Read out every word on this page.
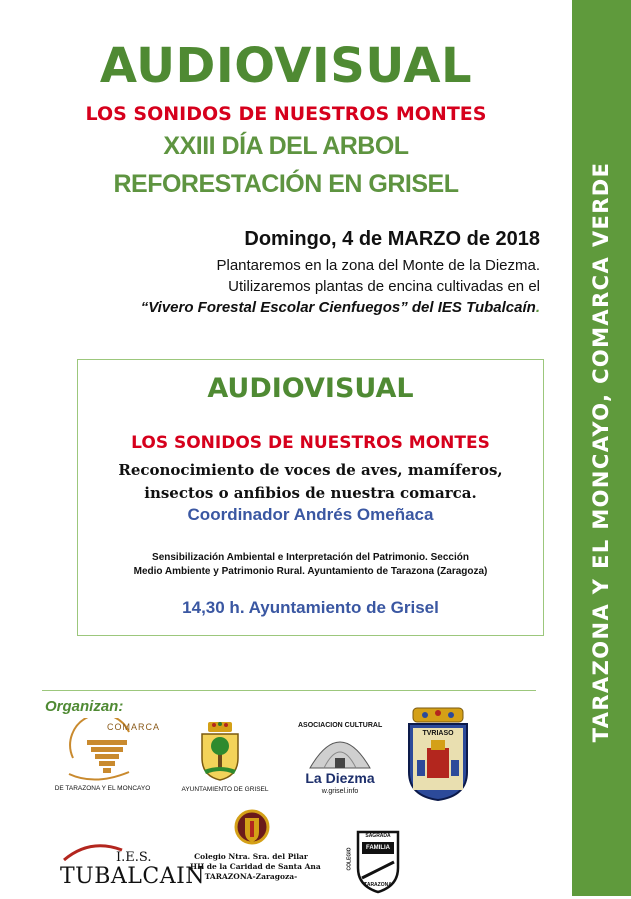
TARAZONA Y EL MONCAYO, COMARCA VERDE
AUDIOVISUAL
LOS SONIDOS DE NUESTROS MONTES
XXIII DÍA DEL ARBOL
REFORESTACIÓN EN GRISEL
Domingo, 4 de MARZO de 2018
Plantaremos en la zona del Monte de la Diezma.
Utilizaremos plantas de encina cultivadas en el
“Vivero Forestal Escolar Cienfuegos” del IES Tubalcaín.
AUDIOVISUAL
LOS SONIDOS DE NUESTROS MONTES
Reconocimiento de voces de aves, mamíferos,
insectos o anfibios de nuestra comarca.
Coordinador Andrés Omeñaca
Sensibilización Ambiental e Interpretación del Patrimonio. Sección
Medio Ambiente y Patrimonio Rural. Ayuntamiento de Tarazona (Zaragoza)
14,30 h. Ayuntamiento de Grisel
Organizan:
COMARCA
DE TARAZONA Y EL MONCAYO	AYUNTAMIENTO DE GRISEL
ASOCIACION CULTURAL
La Diezma
w.grisel.info
TVRIASO
I.E.S.
TUBALCAIN
Colegio Ntra. Sra. del Pilar
HH de la Caridad de Santa Ana
TARAZONA-Zaragoza-
SAGRADA
FAMILIA
TARAZONA
COLEGIO
